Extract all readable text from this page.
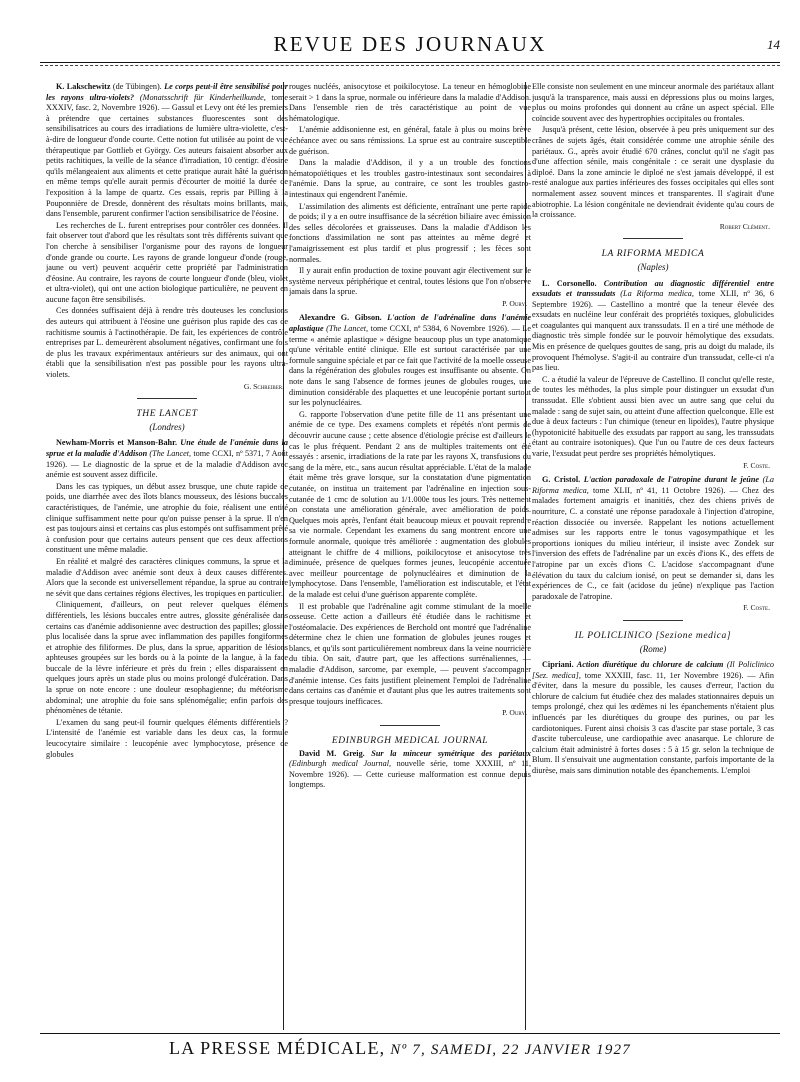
REVUE DES JOURNAUX	14

K. Lakschewitz (de Tübingen). Le corps peut-il être sensibilisé pour les rayons ultra-violets? (Monatsschrift für Kinderheilkunde, tome XXXIV, fasc. 2, Novembre 1926). — Gassul et Levy ont été les premiers à prétendre que certaines substances fluorescentes sont des sensibilisatrices au cours des irradiations de lumière ultra-violette, c'est-à-dire de longueur d'onde courte. Cette notion fut utilisée au point de vue thérapeutique par Gottlieb et György. Ces auteurs faisaient absorber aux petits rachitiques, la veille de la séance d'irradiation, 10 centigr. d'éosine qu'ils mélangeaient aux aliments et cette pratique aurait hâté la guérison en même temps qu'elle aurait permis d'écourter de moitié la durée de l'exposition à la lampe de quartz. Ces essais, repris par Pilling à la Pouponnière de Dresde, donnèrent des résultats moins brillants, mais, dans l'ensemble, parurent confirmer l'action sensibilisatrice de l'éosine.

Les recherches de L. furent entreprises pour contrôler ces données. Il fait observer tout d'abord que les résultats sont très différents suivant que l'on cherche à sensibiliser l'organisme pour des rayons de longueur d'onde grande ou courte. Les rayons de grande longueur d'onde (rouge, jaune ou vert) peuvent acquérir cette propriété par l'administration d'éosine. Au contraire, les rayons de courte longueur d'onde (bleu, violet et ultra-violet), qui ont une action biologique particulière, ne peuvent en aucune façon être sensibilisés.

Ces données suffisaient déjà à rendre très douteuses les conclusions des auteurs qui attribuent à l'éosine une guérison plus rapide des cas de rachitisme soumis à l'actinothérapie. De fait, les expériences de contrôle entreprises par L. demeurèrent absolument négatives, confirmant une fois de plus les travaux expérimentaux antérieurs sur des animaux, qui ont établi que la sensibilisation n'est pas possible pour les rayons ultra-violets.

G. Schreiber.
THE LANCET
(Londres)

Newham-Morris et Manson-Bahr. Une étude de l'anémie dans la sprue et la maladie d'Addison (The Lancet, tome CCXI, nº 5371, 7 Août 1926). — Le diagnostic de la sprue et de la maladie d'Addison avec anémie est souvent assez difficile.

Dans les cas typiques, un début assez brusque, une chute rapide de poids, une diarrhée avec des îlots blancs mousseux, des lésions buccales caractéristiques, de l'anémie, une atrophie du foie, réalisent une entité clinique suffisamment nette pour qu'on puisse penser à la sprue. Il n'en est pas toujours ainsi et certains cas plus estompés ont suffisamment prêté à confusion pour que certains auteurs pensent que ces deux affections constituent une même maladie.

En réalité et malgré des caractères cliniques communs, la sprue et la maladie d'Addison avec anémie sont deux à deux causes différentes. Alors que la seconde est universellement répandue, la sprue au contraire ne sévit que dans certaines régions électives, les tropiques en particulier.

Cliniquement, d'ailleurs, on peut relever quelques éléments différentiels, les lésions buccales entre autres, glossite généralisée dans certains cas d'anémie addisonienne avec destruction des papilles; glossite plus localisée dans la sprue avec inflammation des papilles fongiformes et atrophie des filiformes. De plus, dans la sprue, apparition de lésions aphteuses groupées sur les bords ou à la pointe de la langue, à la face buccale de la lèvre inférieure et près du frein ; elles disparaissent en quelques jours après un stade plus ou moins prolongé d'ulcération. Dans la sprue on note encore : une douleur œsophagienne; du météorisme abdominal; une atrophie du foie sans splénomégalie; enfin parfois des phénomènes de tétanie.

L'examen du sang peut-il fournir quelques éléments différentiels ? L'intensité de l'anémie est variable dans les deux cas, la formule leucocytaire similaire : leucopénie avec lymphocytose, présence de globules

rouges nucléés, anisocytose et poikilocytose. La teneur en hémoglobine serait > 1 dans la sprue, normale ou inférieure dans la maladie d'Addison. Dans l'ensemble rien de très caractéristique au point de vue hématologique.

L'anémie addisonienne est, en général, fatale à plus ou moins brève échéance avec ou sans rémissions. La sprue est au contraire susceptible de guérison.

Dans la maladie d'Addison, il y a un trouble des fonctions hématopoïétiques et les troubles gastro-intestinaux sont secondaires à l'anémie. Dans la sprue, au contraire, ce sont les troubles gastro-intestinaux qui engendrent l'anémie.

L'assimilation des aliments est déficiente, entraînant une perte rapide de poids; il y a en outre insuffisance de la sécrétion biliaire avec émission des selles décolorées et graisseuses. Dans la maladie d'Addison les fonctions d'assimilation ne sont pas atteintes au même degré et l'amaigrissement est plus tardif et plus progressif ; les fèces sont normales.

Il y aurait enfin production de toxine pouvant agir électivement sur le système nerveux périphérique et central, toutes lésions que l'on n'observe jamais dans la sprue.

P. Oury.

Alexandre G. Gibson. L'action de l'adrénaline dans l'anémie aplastique (The Lancet, tome CCXI, nº 5384, 6 Novembre 1926). — Le terme « anémie aplastique » désigne beaucoup plus un type anatomique qu'une véritable entité clinique. Elle est surtout caractérisée par une formule sanguine spéciale et par ce fait que l'activité de la moelle osseuse dans la régénération des globules rouges est insuffisante ou absente. On note dans le sang l'absence de formes jeunes de globules rouges, une diminution considérable des plaquettes et une leucopénie portant surtout sur les polynucléaires.

G. rapporte l'observation d'une petite fille de 11 ans présentant une anémie de ce type. Des examens complets et répétés n'ont permis de découvrir aucune cause ; cette absence d'étiologie précise est d'ailleurs le cas le plus fréquent. Pendant 2 ans de multiples traitements ont été essayés : arsenic, irradiations de la rate par les rayons X, transfusions du sang de la mère, etc., sans aucun résultat appréciable. L'état de la malade était même très grave lorsque, sur la constatation d'une pigmentation cutanée, on institua un traitement par l'adrénaline en injection sous-cutanée de 1 cmc de solution au 1/1.000e tous les jours. Très nettement on constata une amélioration générale, avec amélioration de poids. Quelques mois après, l'enfant était beaucoup mieux et pouvait reprendre sa vie normale. Cependant les examens du sang montrent encore une formule anormale, quoique très améliorée : augmentation des globules atteignant le chiffre de 4 millions, poikilocytose et anisocytose très diminuée, présence de quelques formes jeunes, leucopénie accentuée avec meilleur pourcentage de polynucléaires et diminution de la lymphocytose. Dans l'ensemble, l'amélioration est indiscutable, et l'état de la malade est celui d'une guérison apparente complète.

Il est probable que l'adrénaline agit comme stimulant de la moelle osseuse. Cette action a d'ailleurs été étudiée dans le rachitisme et l'ostéomalacie. Des expériences de Berchold ont montré que l'adrénaline détermine chez le chien une formation de globules jeunes rouges et blancs, et qu'ils sont particulièrement nombreux dans la veine nourricière du tibia. On sait, d'autre part, que les affections surrénaliennes, — maladie d'Addison, sarcome, par exemple, — peuvent s'accompagner d'anémie intense. Ces faits justifient pleinement l'emploi de l'adrénaline dans certains cas d'anémie et d'autant plus que les autres traitements sont presque toujours inefficaces.

P. Oury.
EDINBURGH MEDICAL JOURNAL

David M. Greig. Sur la minceur symétrique des pariétaux (Edinburgh medical Journal, nouvelle série, tome XXXIII, nº 11, Novembre 1926). — Cette curieuse malformation est connue depuis longtemps.

Elle consiste non seulement en une minceur anormale des pariétaux allant jusqu'à la transparence, mais aussi en dépressions plus ou moins larges, plus ou moins profondes qui donnent au crâne un aspect spécial. Elle coïncide souvent avec des hypertrophies occipitales ou frontales.

Jusqu'à présent, cette lésion, observée à peu près uniquement sur des crânes de sujets âgés, était considérée comme une atrophie sénile des pariétaux. G., après avoir étudié 670 crânes, conclut qu'il ne s'agit pas d'une affection sénile, mais congénitale : ce serait une dysplasie du diploé. Dans la zone amincie le diploé ne s'est jamais développé, il est resté analogue aux parties inférieures des fosses occipitales qui elles sont normalement assez souvent minces et transparentes. Il s'agirait d'une abiotrophie. La lésion congénitale ne deviendrait évidente qu'au cours de la croissance.

Robert Clément.
LA RIFORMA MEDICA
(Naples)

L. Corsonello. Contribution au diagnostic différentiel entre exsudats et transsudats (La Riforma medica, tome XLII, nº 36, 6 Septembre 1926). — Castellino a montré que la teneur élevée des exsudats en nucléine leur conférait des propriétés toxiques, globulicides et coagulantes qui manquent aux transsudats. Il en a tiré une méthode de diagnostic très simple fondée sur le pouvoir hémolytique des exsudats. Mis en présence de quelques gouttes de sang, pris au doigt du malade, ils provoquent l'hémolyse. S'agit-il au contraire d'un transsudat, celle-ci n'a pas lieu.

C. a étudié la valeur de l'épreuve de Castellino. Il conclut qu'elle reste, de toutes les méthodes, la plus simple pour distinguer un exsudat d'un transsudat. Elle s'obtient aussi bien avec un autre sang que celui du malade : sang de sujet sain, ou atteint d'une affection quelconque. Elle est due à deux facteurs : l'un chimique (teneur en lipoïdes), l'autre physique (hypotonicité habituelle des exsudats par rapport au sang, les transsudats étant au contraire isotoniques). Que l'un ou l'autre de ces deux facteurs varie, l'exsudat peut perdre ses propriétés hémolytiques.

F. Coste.

G. Cristol. L'action paradoxale de l'atropine durant le jeûne (La Riforma medica, tome XLII, nº 41, 11 Octobre 1926). — Chez des malades fortement amaigris et inanitiés, chez des chiens privés de nourriture, C. a constaté une réponse paradoxale à l'injection d'atropine, réaction dissociée ou inversée. Rappelant les notions actuellement admises sur les rapports entre le tonus vagosympathique et les proportions ioniques du milieu intérieur, il insiste avec Zondek sur l'inversion des effets de l'adrénaline par un excès d'ions K., des effets de l'atropine par un excès d'ions C. L'acidose s'accompagnant d'une élévation du taux du calcium ionisé, on peut se demander si, dans les expériences de C., ce fait (acidose du jeûne) n'explique pas l'action paradoxale de l'atropine.

F. Coste.
IL POLICLINICO [Sezione medica]
(Rome)

Cipriani. Action diurétique du chlorure de calcium (Il Policlinico [Sez. medica], tome XXXIII, fasc. 11, 1er Novembre 1926). — Afin d'éviter, dans la mesure du possible, les causes d'erreur, l'action du chlorure de calcium fut étudiée chez des malades stationnaires depuis un temps prolongé, chez qui les œdèmes ni les épanchements n'étaient plus influencés par les diurétiques du groupe des purines, ou par les cardiotoniques. Furent ainsi choisis 3 cas d'ascite par stase portale, 3 cas d'ascite tuberculeuse, une cardiopathie avec anasarque. Le chlorure de calcium était administré à fortes doses : 5 à 15 gr. selon la technique de Blum. Il s'ensuivait une augmentation constante, parfois importante de la diurèse, mais sans diminution notable des épanchements. L'emploi

LA PRESSE MÉDICALE, Nº 7, SAMEDI, 22 JANVIER 1927
